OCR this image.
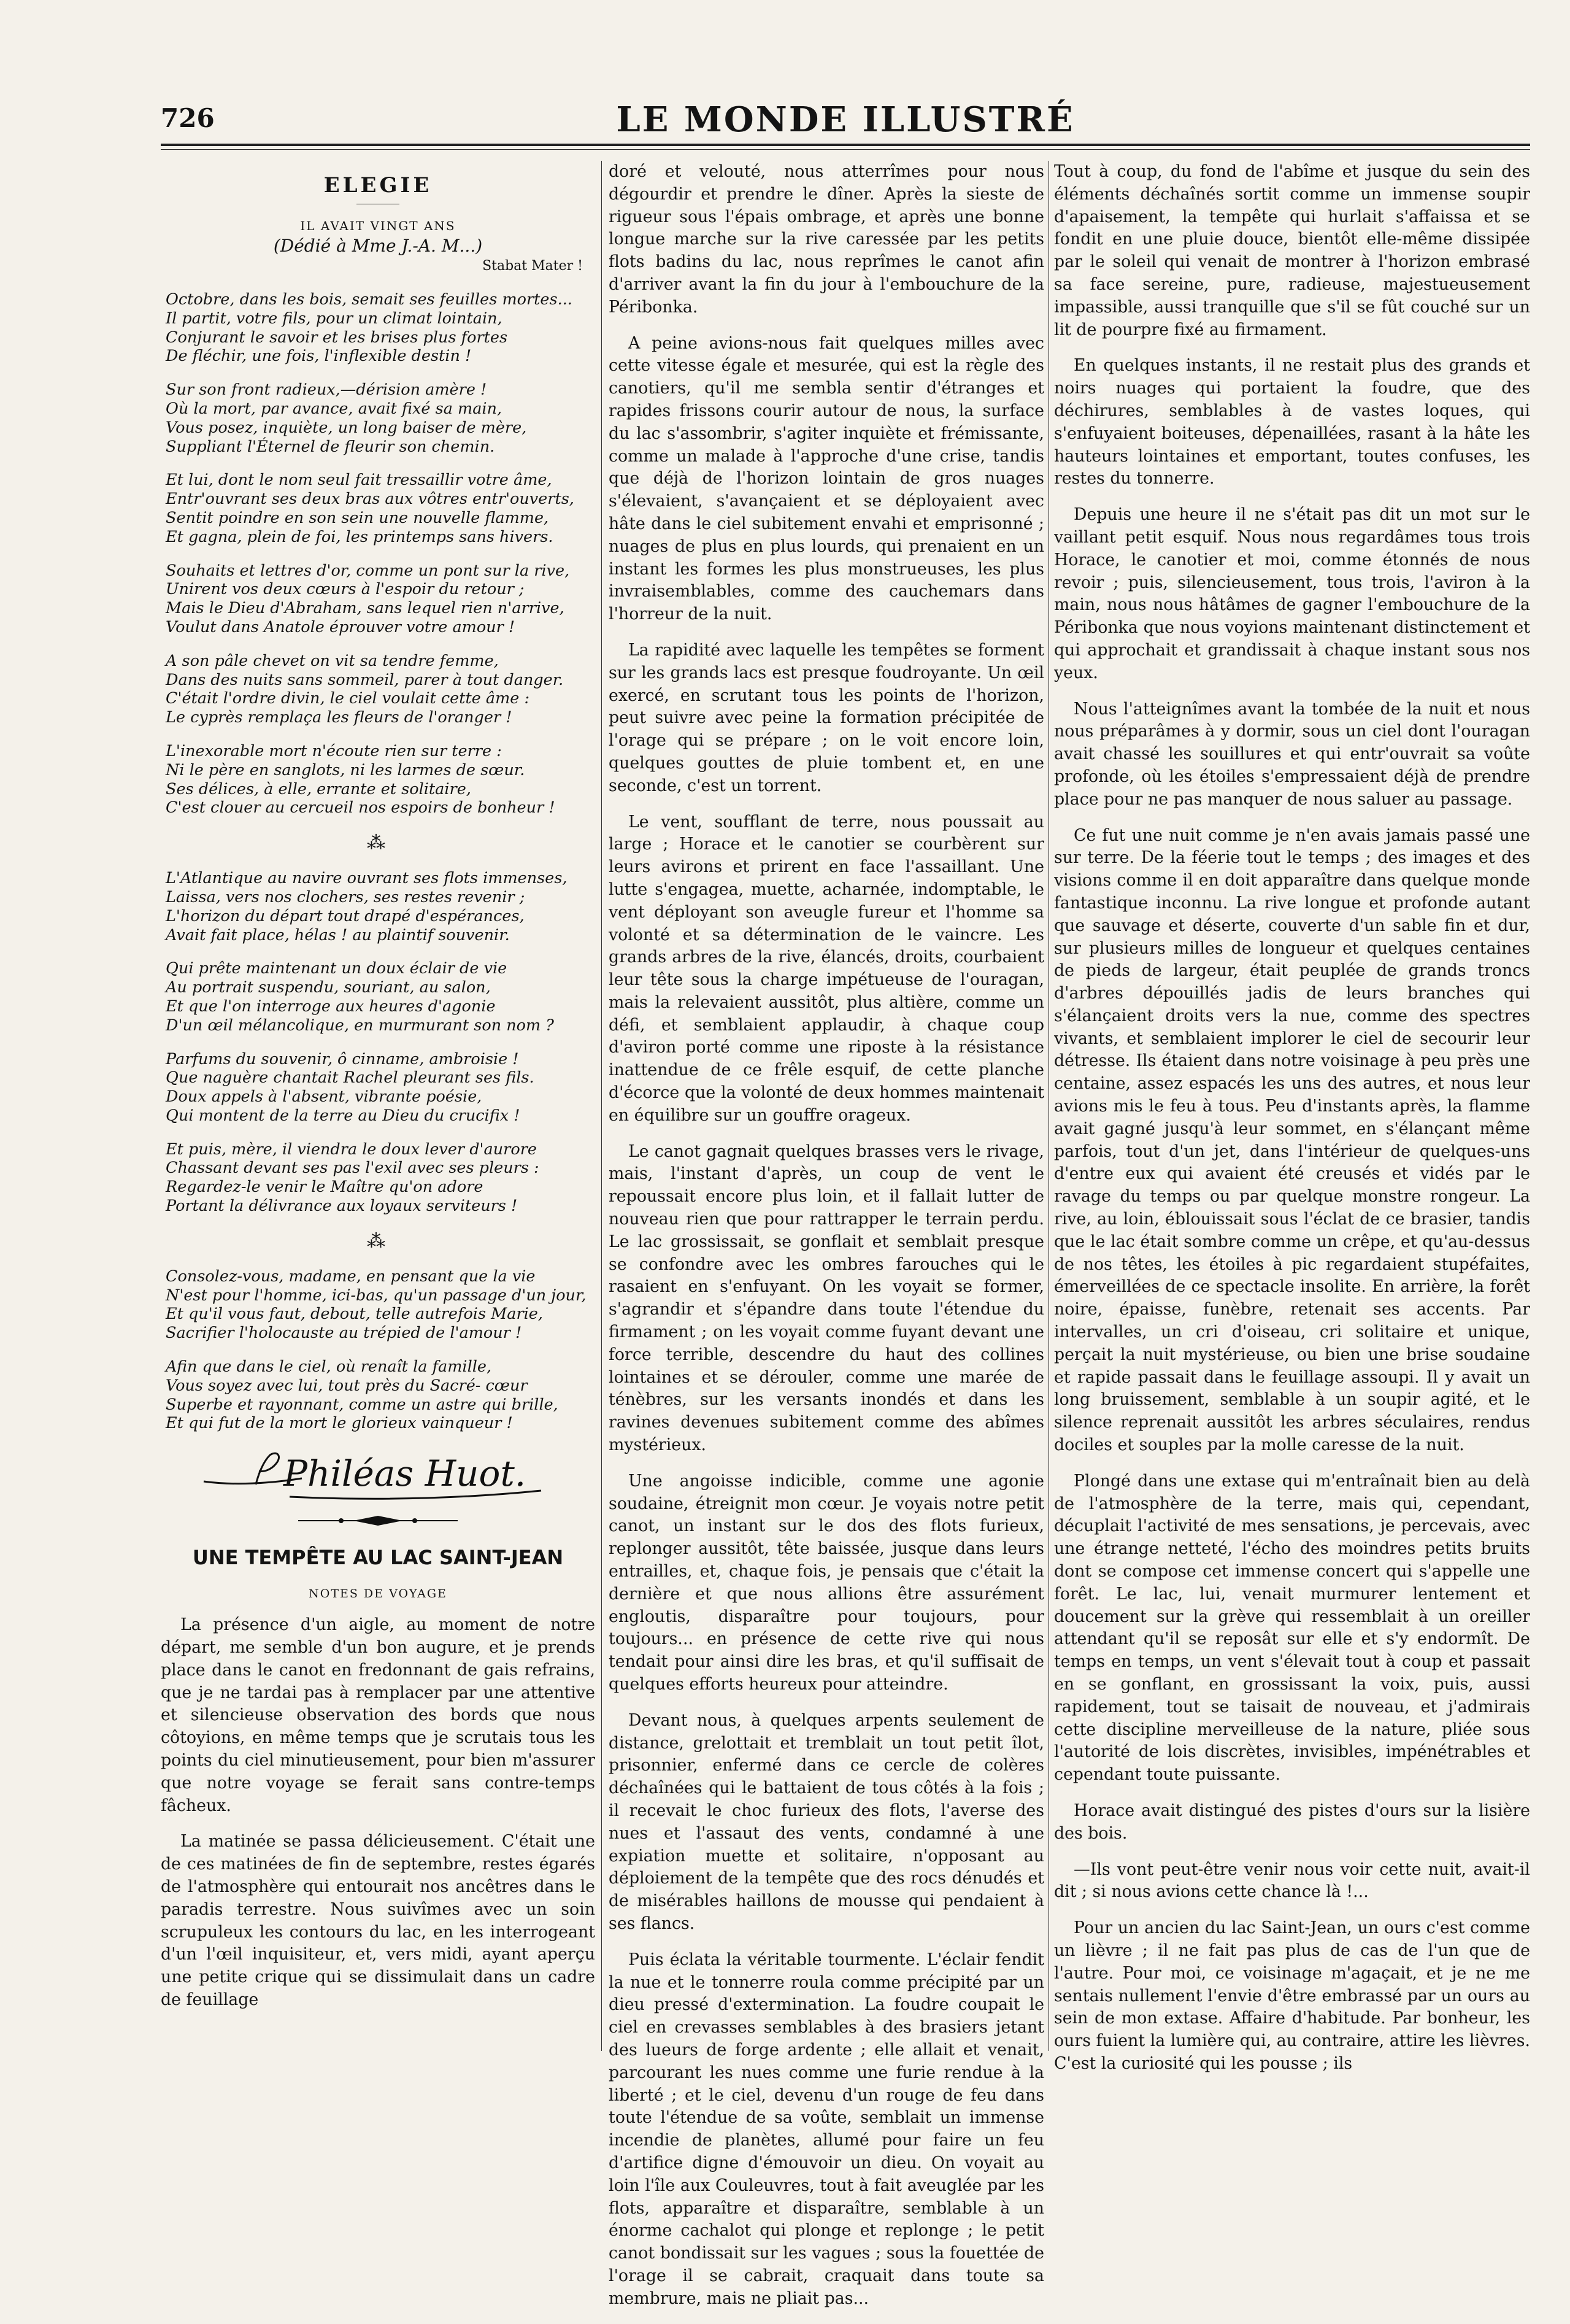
726	LE MONDE ILLUSTRÉ
ELEGIE
IL AVAIT VINGT ANS
(Dédié à Mme J.-A. M...)
Stabat Mater !
Octobre, dans les bois, semait ses feuilles mortes...
Il partit, votre fils, pour un climat lointain,
Conjurant le savoir et les brises plus fortes
De fléchir, une fois, l'inflexible destin !
Sur son front radieux,—dérision amère !
Où la mort, par avance, avait fixé sa main,
Vous posez, inquiète, un long baiser de mère,
Suppliant l'Éternel de fleurir son chemin.
Et lui, dont le nom seul fait tressaillir votre âme,
Entr'ouvrant ses deux bras aux vôtres entr'ouverts,
Sentit poindre en son sein une nouvelle flamme,
Et gagna, plein de foi, les printemps sans hivers.
Souhaits et lettres d'or, comme un pont sur la rive,
Unirent vos deux cœurs à l'espoir du retour ;
Mais le Dieu d'Abraham, sans lequel rien n'arrive,
Voulut dans Anatole éprouver votre amour !
A son pâle chevet on vit sa tendre femme,
Dans des nuits sans sommeil, parer à tout danger.
C'était l'ordre divin, le ciel voulait cette âme :
Le cyprès remplaça les fleurs de l'oranger !
L'inexorable mort n'écoute rien sur terre :
Ni le père en sanglots, ni les larmes de sœur.
Ses délices, à elle, errante et solitaire,
C'est clouer au cercueil nos espoirs de bonheur !
⁂
L'Atlantique au navire ouvrant ses flots immenses,
Laissa, vers nos clochers, ses restes revenir ;
L'horizon du départ tout drapé d'espérances,
Avait fait place, hélas ! au plaintif souvenir.
Qui prête maintenant un doux éclair de vie
Au portrait suspendu, souriant, au salon,
Et que l'on interroge aux heures d'agonie
D'un œil mélancolique, en murmurant son nom ?
Parfums du souvenir, ô cinname, ambroisie !
Que naguère chantait Rachel pleurant ses fils.
Doux appels à l'absent, vibrante poésie,
Qui montent de la terre au Dieu du crucifix !
Et puis, mère, il viendra le doux lever d'aurore
Chassant devant ses pas l'exil avec ses pleurs :
Regardez-le venir le Maître qu'on adore
Portant la délivrance aux loyaux serviteurs !
⁂
Consolez-vous, madame, en pensant que la vie
N'est pour l'homme, ici-bas, qu'un passage d'un jour,
Et qu'il vous faut, debout, telle autrefois Marie,
Sacrifier l'holocauste au trépied de l'amour !
Afin que dans le ciel, où renaît la famille,
Vous soyez avec lui, tout près du Sacré- cœur
Superbe et rayonnant, comme un astre qui brille,
Et qui fut de la mort le glorieux vainqueur !
Philéas Huot.
UNE TEMPÊTE AU LAC SAINT-JEAN
NOTES DE VOYAGE

La présence d'un aigle, au moment de notre départ, me semble d'un bon augure, et je prends place dans le canot en fredonnant de gais refrains, que je ne tardai pas à remplacer par une attentive et silencieuse observation des bords que nous côtoyions, en même temps que je scrutais tous les points du ciel minutieusement, pour bien m'assurer que notre voyage se ferait sans contre-temps fâcheux.

La matinée se passa délicieusement. C'était une de ces matinées de fin de septembre, restes égarés de l'atmosphère qui entourait nos ancêtres dans le paradis terrestre. Nous suivîmes avec un soin scrupuleux les contours du lac, en les interrogeant d'un l'œil inquisiteur, et, vers midi, ayant aperçu une petite crique qui se dissimulait dans un cadre de feuillage

doré et velouté, nous atterrîmes pour nous dégourdir et prendre le dîner. Après la sieste de rigueur sous l'épais ombrage, et après une bonne longue marche sur la rive caressée par les petits flots badins du lac, nous reprîmes le canot afin d'arriver avant la fin du jour à l'embouchure de la Péribonka.

A peine avions-nous fait quelques milles avec cette vitesse égale et mesurée, qui est la règle des canotiers, qu'il me sembla sentir d'étranges et rapides frissons courir autour de nous, la surface du lac s'assombrir, s'agiter inquiète et frémissante, comme un malade à l'approche d'une crise, tandis que déjà de l'horizon lointain de gros nuages s'élevaient, s'avançaient et se déployaient avec hâte dans le ciel subitement envahi et emprisonné ; nuages de plus en plus lourds, qui prenaient en un instant les formes les plus monstrueuses, les plus invraisemblables, comme des cauchemars dans l'horreur de la nuit.

La rapidité avec laquelle les tempêtes se forment sur les grands lacs est presque foudroyante. Un œil exercé, en scrutant tous les points de l'horizon, peut suivre avec peine la formation précipitée de l'orage qui se prépare ; on le voit encore loin, quelques gouttes de pluie tombent et, en une seconde, c'est un torrent.

Le vent, soufflant de terre, nous poussait au large ; Horace et le canotier se courbèrent sur leurs avirons et prirent en face l'assaillant. Une lutte s'engagea, muette, acharnée, indomptable, le vent déployant son aveugle fureur et l'homme sa volonté et sa détermination de le vaincre. Les grands arbres de la rive, élancés, droits, courbaient leur tête sous la charge impétueuse de l'ouragan, mais la relevaient aussitôt, plus altière, comme un défi, et semblaient applaudir, à chaque coup d'aviron porté comme une riposte à la résistance inattendue de ce frêle esquif, de cette planche d'écorce que la volonté de deux hommes maintenait en équilibre sur un gouffre orageux.

Le canot gagnait quelques brasses vers le rivage, mais, l'instant d'après, un coup de vent le repoussait encore plus loin, et il fallait lutter de nouveau rien que pour rattrapper le terrain perdu. Le lac grossissait, se gonflait et semblait presque se confondre avec les ombres farouches qui le rasaient en s'enfuyant. On les voyait se former, s'agrandir et s'épandre dans toute l'étendue du firmament ; on les voyait comme fuyant devant une force terrible, descendre du haut des collines lointaines et se dérouler, comme une marée de ténèbres, sur les versants inondés et dans les ravines devenues subitement comme des abîmes mystérieux.

Une angoisse indicible, comme une agonie soudaine, étreignit mon cœur. Je voyais notre petit canot, un instant sur le dos des flots furieux, replonger aussitôt, tête baissée, jusque dans leurs entrailles, et, chaque fois, je pensais que c'était la dernière et que nous allions être assurément engloutis, disparaître pour toujours, pour toujours... en présence de cette rive qui nous tendait pour ainsi dire les bras, et qu'il suffisait de quelques efforts heureux pour atteindre.

Devant nous, à quelques arpents seulement de distance, grelottait et tremblait un tout petit îlot, prisonnier, enfermé dans ce cercle de colères déchaînées qui le battaient de tous côtés à la fois ; il recevait le choc furieux des flots, l'averse des nues et l'assaut des vents, condamné à une expiation muette et solitaire, n'opposant au déploiement de la tempête que des rocs dénudés et de misérables haillons de mousse qui pendaient à ses flancs.

Puis éclata la véritable tourmente. L'éclair fendit la nue et le tonnerre roula comme précipité par un dieu pressé d'extermination. La foudre coupait le ciel en crevasses semblables à des brasiers jetant des lueurs de forge ardente ; elle allait et venait, parcourant les nues comme une furie rendue à la liberté ; et le ciel, devenu d'un rouge de feu dans toute l'étendue de sa voûte, semblait un immense incendie de planètes, allumé pour faire un feu d'artifice digne d'émouvoir un dieu. On voyait au loin l'île aux Couleuvres, tout à fait aveuglée par les flots, apparaître et disparaître, semblable à un énorme cachalot qui plonge et replonge ; le petit canot bondissait sur les vagues ; sous la fouettée de l'orage il se cabrait, craquait dans toute sa membrure, mais ne pliait pas...

Tout à coup, du fond de l'abîme et jusque du sein des éléments déchaînés sortit comme un immense soupir d'apaisement, la tempête qui hurlait s'affaissa et se fondit en une pluie douce, bientôt elle-même dissipée par le soleil qui venait de montrer à l'horizon embrasé sa face sereine, pure, radieuse, majestueusement impassible, aussi tranquille que s'il se fût couché sur un lit de pourpre fixé au firmament.

En quelques instants, il ne restait plus des grands et noirs nuages qui portaient la foudre, que des déchirures, semblables à de vastes loques, qui s'enfuyaient boiteuses, dépenaillées, rasant à la hâte les hauteurs lointaines et emportant, toutes confuses, les restes du tonnerre.

Depuis une heure il ne s'était pas dit un mot sur le vaillant petit esquif. Nous nous regardâmes tous trois Horace, le canotier et moi, comme étonnés de nous revoir ; puis, silencieusement, tous trois, l'aviron à la main, nous nous hâtâmes de gagner l'embouchure de la Péribonka que nous voyions maintenant distinctement et qui approchait et grandissait à chaque instant sous nos yeux.

Nous l'atteignîmes avant la tombée de la nuit et nous nous préparâmes à y dormir, sous un ciel dont l'ouragan avait chassé les souillures et qui entr'ouvrait sa voûte profonde, où les étoiles s'empressaient déjà de prendre place pour ne pas manquer de nous saluer au passage.

Ce fut une nuit comme je n'en avais jamais passé une sur terre. De la féerie tout le temps ; des images et des visions comme il en doit apparaître dans quelque monde fantastique inconnu. La rive longue et profonde autant que sauvage et déserte, couverte d'un sable fin et dur, sur plusieurs milles de longueur et quelques centaines de pieds de largeur, était peuplée de grands troncs d'arbres dépouillés jadis de leurs branches qui s'élançaient droits vers la nue, comme des spectres vivants, et semblaient implorer le ciel de secourir leur détresse. Ils étaient dans notre voisinage à peu près une centaine, assez espacés les uns des autres, et nous leur avions mis le feu à tous. Peu d'instants après, la flamme avait gagné jusqu'à leur sommet, en s'élançant même parfois, tout d'un jet, dans l'intérieur de quelques-uns d'entre eux qui avaient été creusés et vidés par le ravage du temps ou par quelque monstre rongeur. La rive, au loin, éblouissait sous l'éclat de ce brasier, tandis que le lac était sombre comme un crêpe, et qu'au-dessus de nos têtes, les étoiles à pic regardaient stupéfaites, émerveillées de ce spectacle insolite. En arrière, la forêt noire, épaisse, funèbre, retenait ses accents. Par intervalles, un cri d'oiseau, cri solitaire et unique, perçait la nuit mystérieuse, ou bien une brise soudaine et rapide passait dans le feuillage assoupi. Il y avait un long bruissement, semblable à un soupir agité, et le silence reprenait aussitôt les arbres séculaires, rendus dociles et souples par la molle caresse de la nuit.

Plongé dans une extase qui m'entraînait bien au delà de l'atmosphère de la terre, mais qui, cependant, décuplait l'activité de mes sensations, je percevais, avec une étrange netteté, l'écho des moindres petits bruits dont se compose cet immense concert qui s'appelle une forêt. Le lac, lui, venait murmurer lentement et doucement sur la grève qui ressemblait à un oreiller attendant qu'il se reposât sur elle et s'y endormît. De temps en temps, un vent s'élevait tout à coup et passait en se gonflant, en grossissant la voix, puis, aussi rapidement, tout se taisait de nouveau, et j'admirais cette discipline merveilleuse de la nature, pliée sous l'autorité de lois discrètes, invisibles, impénétrables et cependant toute puissante.

Horace avait distingué des pistes d'ours sur la lisière des bois.

—Ils vont peut-être venir nous voir cette nuit, avait-il dit ; si nous avions cette chance là !...

Pour un ancien du lac Saint-Jean, un ours c'est comme un lièvre ; il ne fait pas plus de cas de l'un que de l'autre. Pour moi, ce voisinage m'agaçait, et je ne me sentais nullement l'envie d'être embrassé par un ours au sein de mon extase. Affaire d'habitude. Par bonheur, les ours fuient la lumière qui, au contraire, attire les lièvres. C'est la curiosité qui les pousse ; ils
